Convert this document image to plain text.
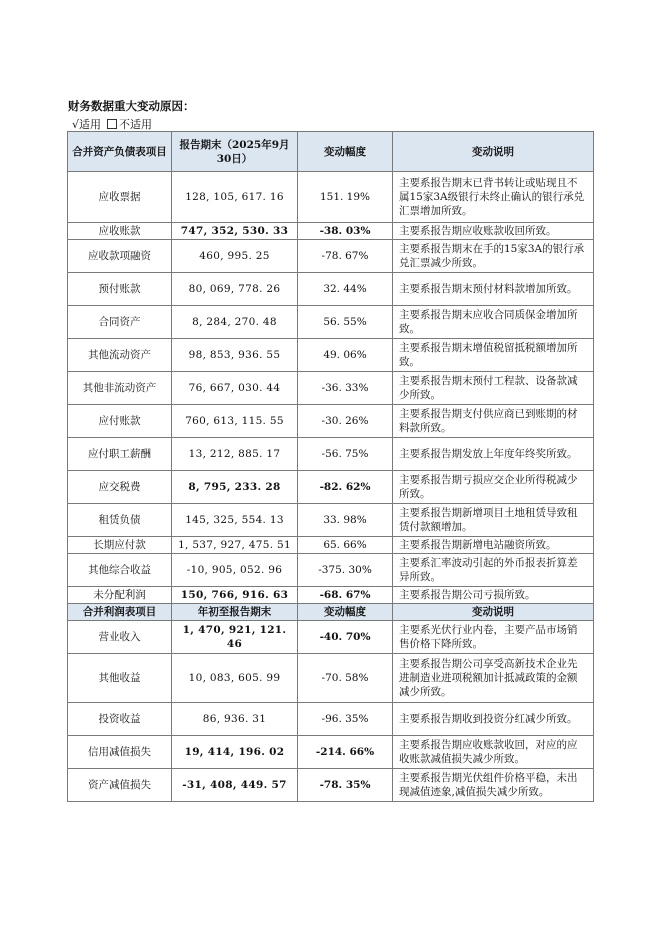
财务数据重大变动原因：
√适用 不适用
合并资产负债表项目	报告期末（2025年9月30日）	变动幅度	变动说明
应收票据	128, 105, 617. 16	151. 19%	主要系报告期末已背书转让或贴现且不属15家3A级银行未终止确认的银行承兑汇票增加所致。
应收账款	747, 352, 530. 33	-38. 03%	主要系报告期应收账款收回所致。
应收款项融资	460, 995. 25	-78. 67%	主要系报告期末在手的15家3A的银行承兑汇票减少所致。
预付账款	80, 069, 778. 26	32. 44%	主要系报告期末预付材料款增加所致。
合同资产	8, 284, 270. 48	56. 55%	主要系报告期末应收合同质保金增加所致。
其他流动资产	98, 853, 936. 55	49. 06%	主要系报告期末增值税留抵税额增加所致。
其他非流动资产	76, 667, 030. 44	-36. 33%	主要系报告期末预付工程款、设备款减少所致。
应付账款	760, 613, 115. 55	-30. 26%	主要系报告期支付供应商已到账期的材料款所致。
应付职工薪酬	13, 212, 885. 17	-56. 75%	主要系报告期发放上年度年终奖所致。
应交税费	8, 795, 233. 28	-82. 62%	主要系报告期亏损应交企业所得税减少所致。
租赁负债	145, 325, 554. 13	33. 98%	主要系报告期新增项目土地租赁导致租赁付款额增加。
长期应付款	1, 537, 927, 475. 51	65. 66%	主要系报告期新增电站融资所致。
其他综合收益	-10, 905, 052. 96	-375. 30%	主要系汇率波动引起的外币报表折算差异所致。
未分配利润	150, 766, 916. 63	-68. 67%	主要系报告期公司亏损所致。
合并利润表项目	年初至报告期末	变动幅度	变动说明
营业收入	1, 470, 921, 121. 46	-40. 70%	主要系光伏行业内卷，主要产品市场销售价格下降所致。
其他收益	10, 083, 605. 99	-70. 58%	主要系报告期公司享受高新技术企业先进制造业进项税额加计抵减政策的金额减少所致。
投资收益	86, 936. 31	-96. 35%	主要系报告期收到投资分红减少所致。
信用减值损失	19, 414, 196. 02	-214. 66%	主要系报告期应收账款收回，对应的应收账款减值损失减少所致。
资产减值损失	-31, 408, 449. 57	-78. 35%	主要系报告期光伏组件价格平稳，未出现减值迹象,减值损失减少所致。
